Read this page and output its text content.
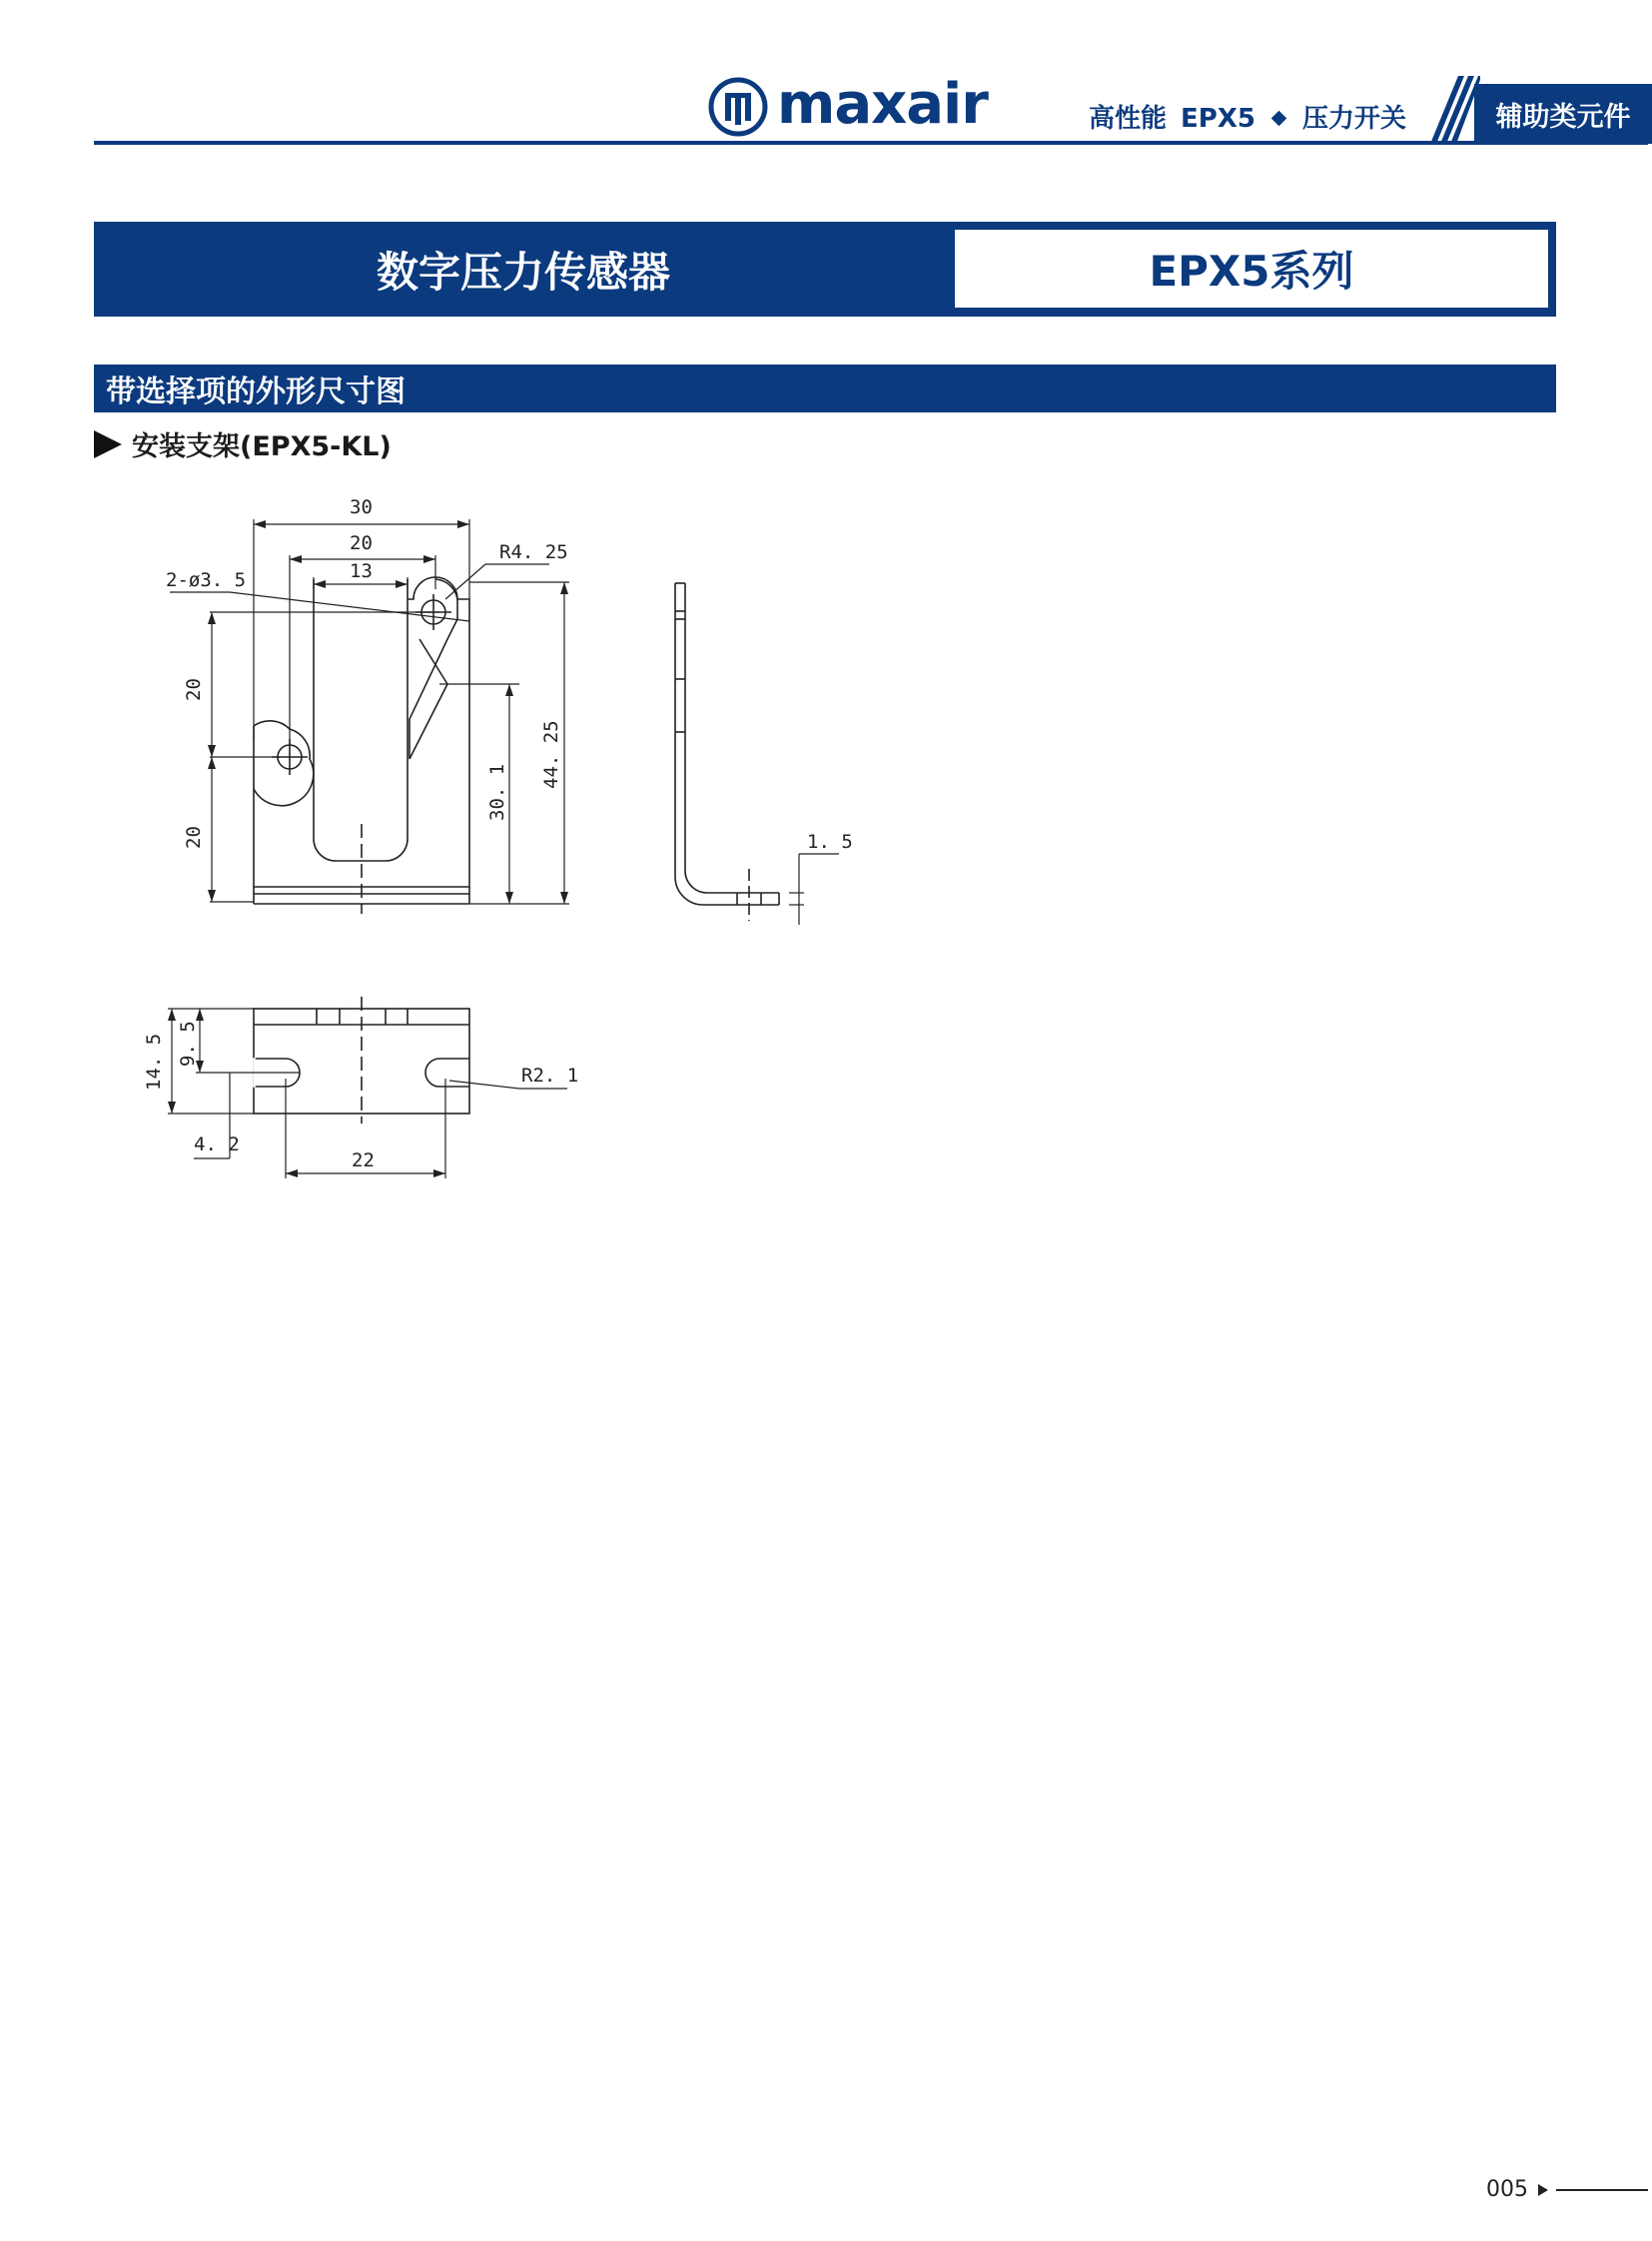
maxair	高性能 EPX5 压力开关	辅助类元件
数字压力传感器	EPX5系列
带选择项的外形尺寸图
安装支架(EPX5-KL)
30
20
13
R4. 25
2-ø3. 5
20
20
30. 1
44. 25
1. 5
14. 5 9. 5
4. 2
22
R2. 1
005
